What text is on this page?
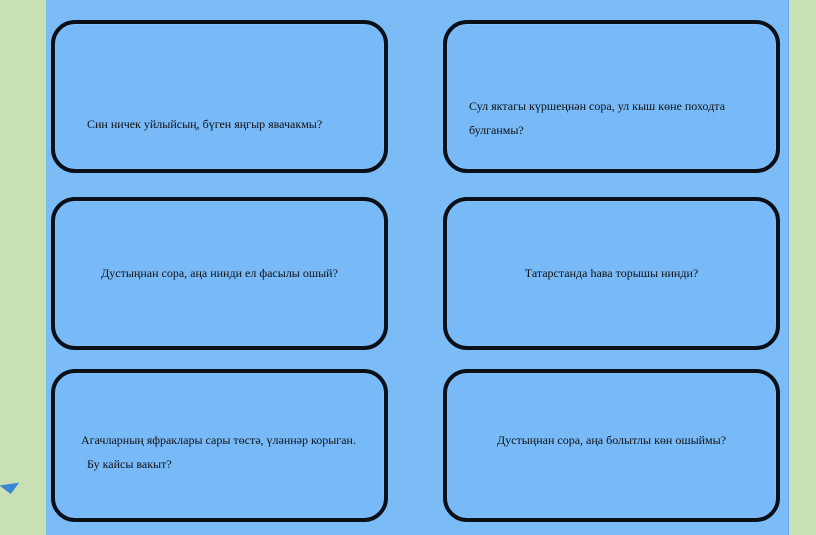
Син ничек уйлыйсың, бүген яңгыр явачакмы?
Сул яктагы күршеңнән сора, ул кыш көне походта
булганмы?
Дустыңнан сора, аңа нинди ел фасылы ошый?	Татарстанда һава торышы нинди?
Агачларның яфраклары сары төстә, үләннәр корыган.
Бу кайсы вакыт?
Дустыңнан сора, аңа болытлы көн ошыймы?
